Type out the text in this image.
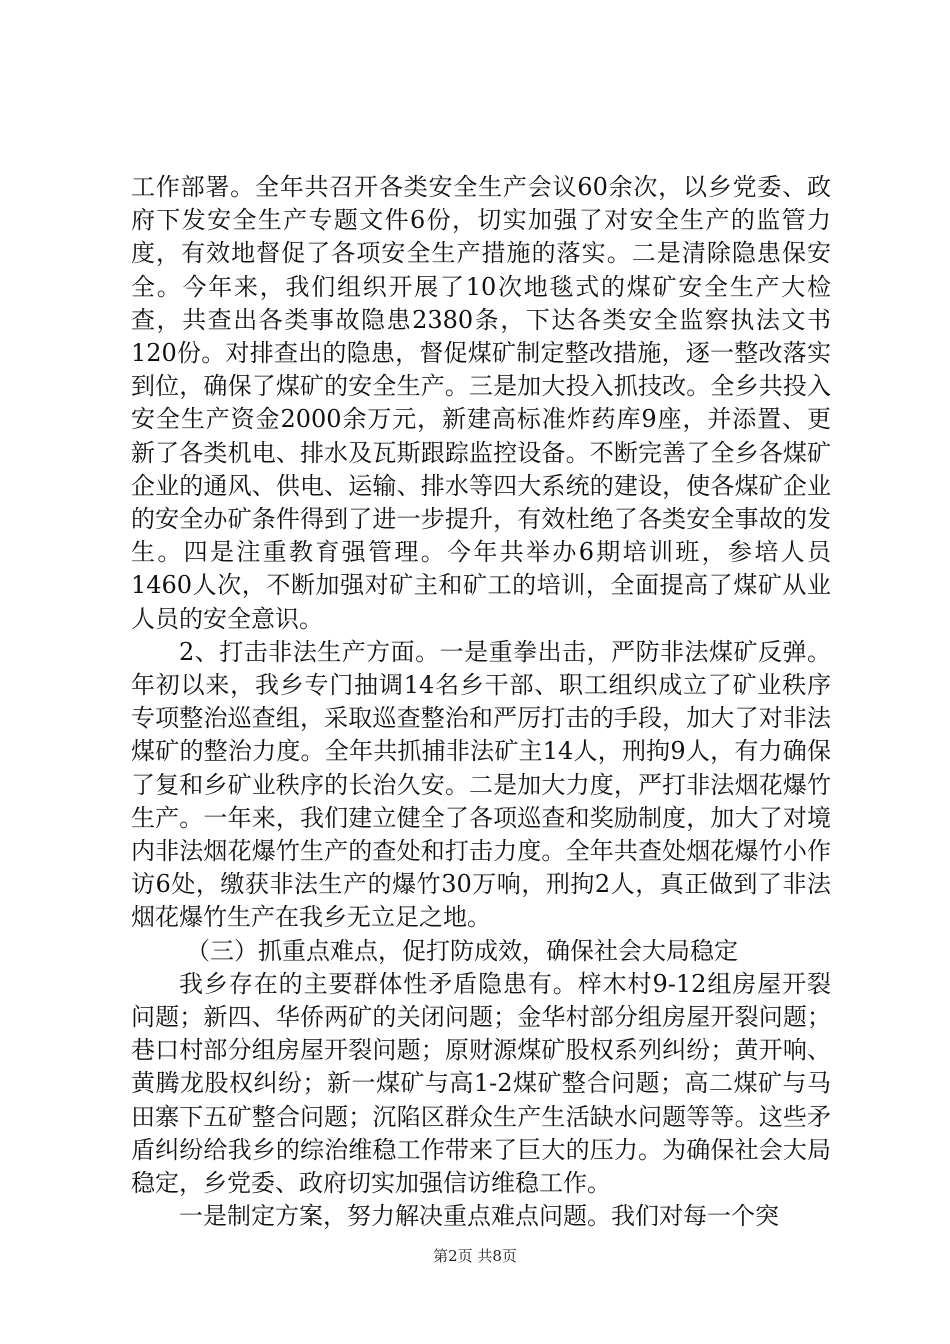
工作部署。全年共召开各类安全生产会议60余次，以乡党委、政府下发安全生产专题文件6份，切实加强了对安全生产的监管力度，有效地督促了各项安全生产措施的落实。二是清除隐患保安全。今年来，我们组织开展了10次地毯式的煤矿安全生产大检查，共查出各类事故隐患2380条，下达各类安全监察执法文书120份。对排查出的隐患，督促煤矿制定整改措施，逐一整改落实到位，确保了煤矿的安全生产。三是加大投入抓技改。全乡共投入安全生产资金2000余万元，新建高标准炸药库9座，并添置、更新了各类机电、排水及瓦斯跟踪监控设备。不断完善了全乡各煤矿企业的通风、供电、运输、排水等四大系统的建设，使各煤矿企业的安全办矿条件得到了进一步提升，有效杜绝了各类安全事故的发生。四是注重教育强管理。今年共举办6期培训班，参培人员1460人次，不断加强对矿主和矿工的培训，全面提高了煤矿从业人员的安全意识。

2、打击非法生产方面。一是重拳出击，严防非法煤矿反弹。年初以来，我乡专门抽调14名乡干部、职工组织成立了矿业秩序专项整治巡查组，采取巡查整治和严厉打击的手段，加大了对非法煤矿的整治力度。全年共抓捕非法矿主14人，刑拘9人，有力确保了复和乡矿业秩序的长治久安。二是加大力度，严打非法烟花爆竹生产。一年来，我们建立健全了各项巡查和奖励制度，加大了对境内非法烟花爆竹生产的查处和打击力度。全年共查处烟花爆竹小作访6处，缴获非法生产的爆竹30万响，刑拘2人，真正做到了非法烟花爆竹生产在我乡无立足之地。

（三）抓重点难点，促打防成效，确保社会大局稳定

我乡存在的主要群体性矛盾隐患有。梓木村9-12组房屋开裂问题；新四、华侨两矿的关闭问题；金华村部分组房屋开裂问题；巷口村部分组房屋开裂问题；原财源煤矿股权系列纠纷；黄开响、黄腾龙股权纠纷；新一煤矿与高1-2煤矿整合问题；高二煤矿与马田寨下五矿整合问题；沉陷区群众生产生活缺水问题等等。这些矛盾纠纷给我乡的综治维稳工作带来了巨大的压力。为确保社会大局稳定，乡党委、政府切实加强信访维稳工作。

一是制定方案，努力解决重点难点问题。我们对每一个突

第2页 共8页
